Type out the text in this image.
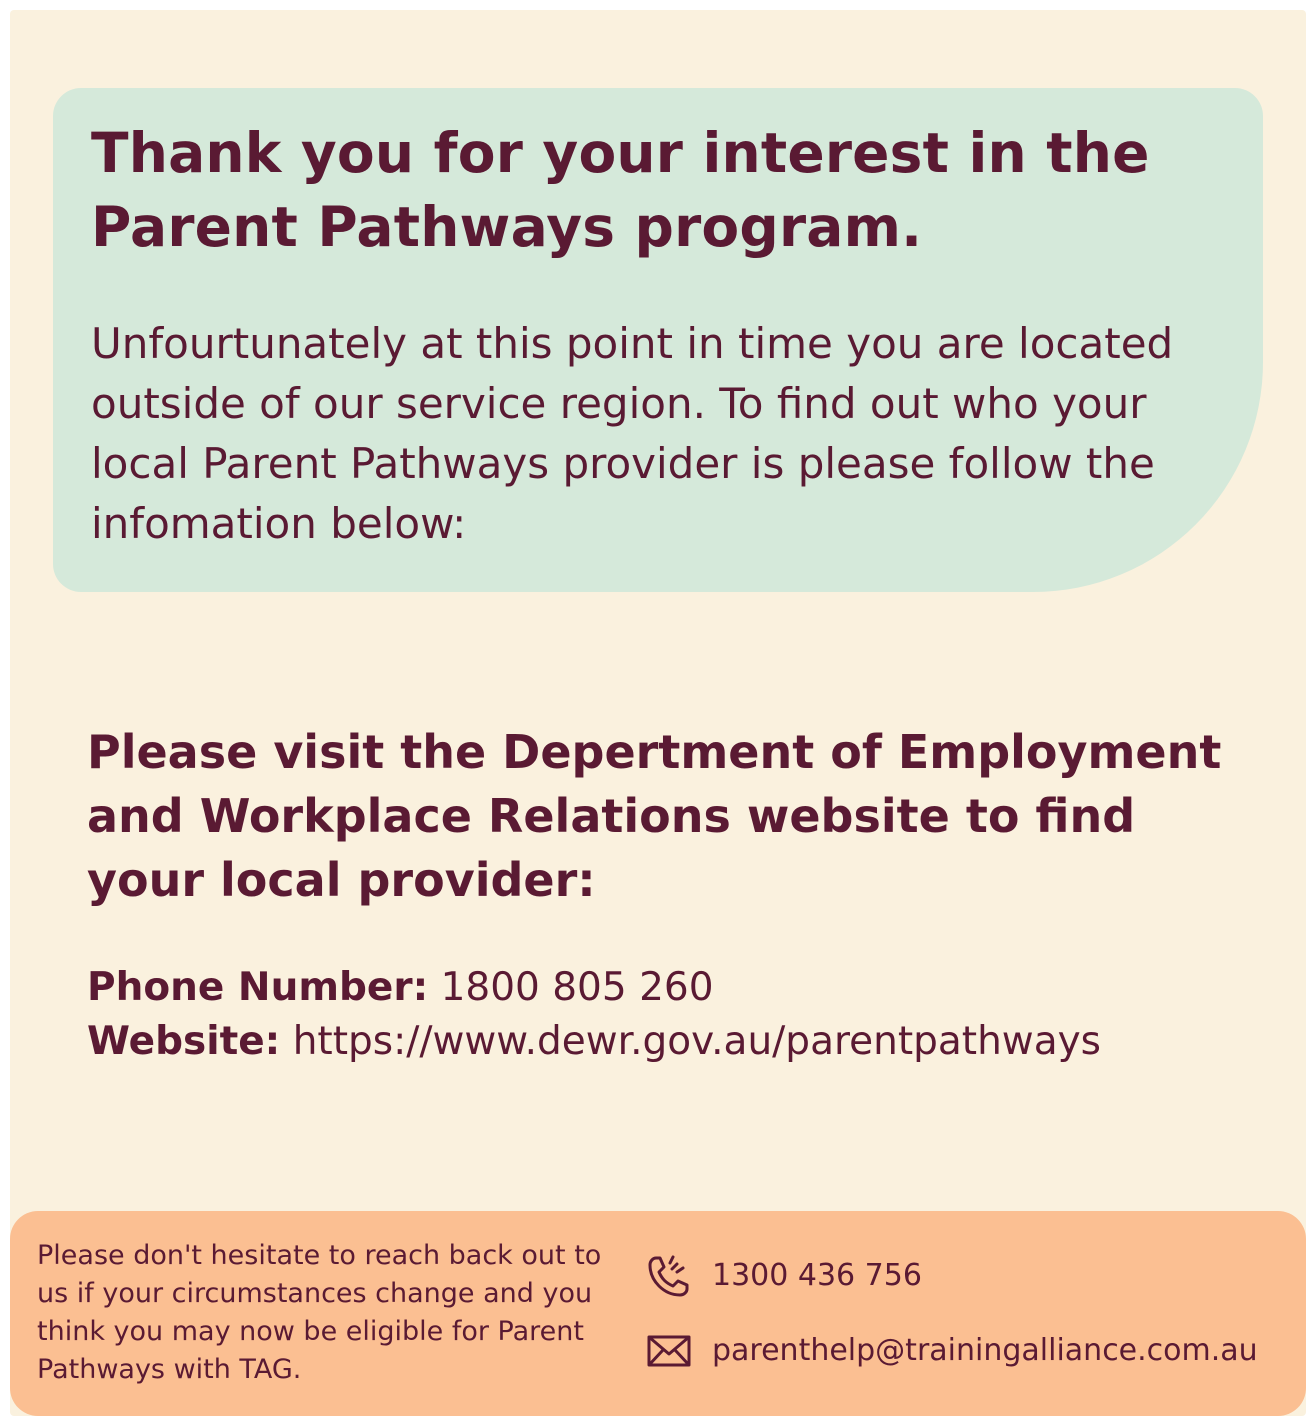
Thank you for your interest in the Parent Pathways program.

Unfourtunately at this point in time you are located outside of our service region. To find out who your local Parent Pathways provider is please follow the infomation below:

Please visit the Depertment of Employment and Workplace Relations website to find your local provider:

Phone Number: 1800 805 260

Website: https://www.dewr.gov.au/parentpathways

Please don't hesitate to reach back out to us if your circumstances change and you think you may now be eligible for Parent Pathways with TAG.

1300 436 756
parenthelp@trainingalliance.com.au
